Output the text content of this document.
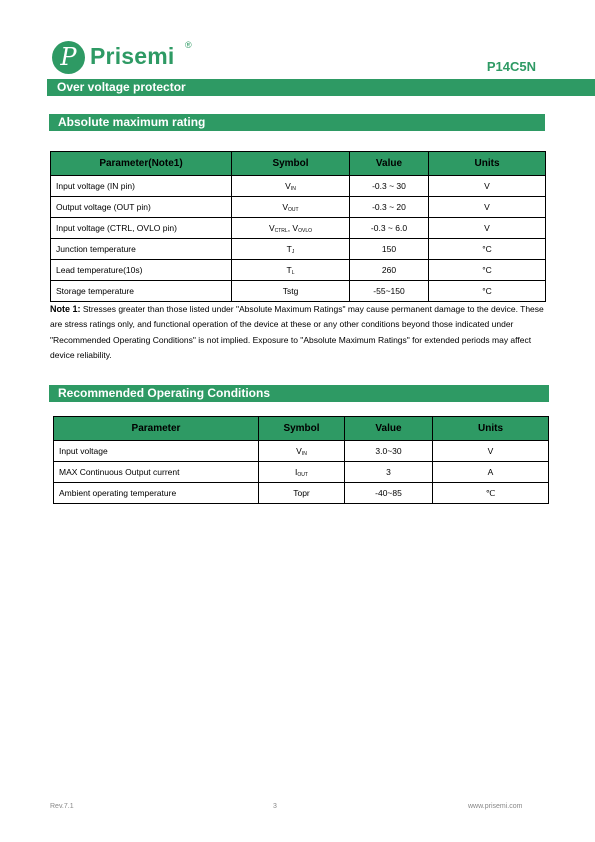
P Prisemi ®
P14C5N
Over voltage protector
Absolute maximum rating
Parameter(Note1)	Symbol	Value	Units
Input voltage (IN pin)	$V_{IN}$	-0.3 ~ 30	V
Output voltage (OUT pin)	$V_{OUT}$	-0.3 ~ 20	V
Input voltage (CTRL, OVLO pin)	$V_{CTRL}$, $V_{OVLO}$	-0.3 ~ 6.0	V
Junction temperature	$T_J$	150	°C
Lead temperature(10s)	$T_L$	260	°C
Storage temperature	Tstg	-55~150	°C
Note 1: Stresses greater than those listed under "Absolute Maximum Ratings" may cause permanent damage to the device. These are stress ratings only, and functional operation of the device at these or any other conditions beyond those indicated under "Recommended Operating Conditions" is not implied. Exposure to "Absolute Maximum Ratings" for extended periods may affect device reliability.
Recommended Operating Conditions
Parameter	Symbol	Value	Units
Input voltage	$V_{IN}$	3.0~30	V
MAX Continuous Output current	$I_{OUT}$	3	A
Ambient operating temperature	Topr	-40~85	℃
Rev.7.1	3	www.prisemi.com
